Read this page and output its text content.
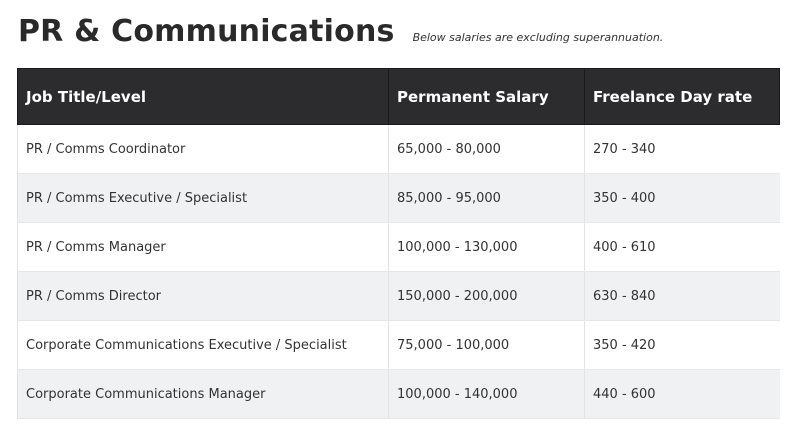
PR & Communications Below salaries are excluding superannuation.
Job Title/Level	Permanent Salary	Freelance Day rate
PR / Comms Coordinator	65,000 - 80,000	270 - 340
PR / Comms Executive / Specialist	85,000 - 95,000	350 - 400
PR / Comms Manager	100,000 - 130,000	400 - 610
PR / Comms Director	150,000 - 200,000	630 - 840
Corporate Communications Executive / Specialist	75,000 - 100,000	350 - 420
Corporate Communications Manager	100,000 - 140,000	440 - 600
